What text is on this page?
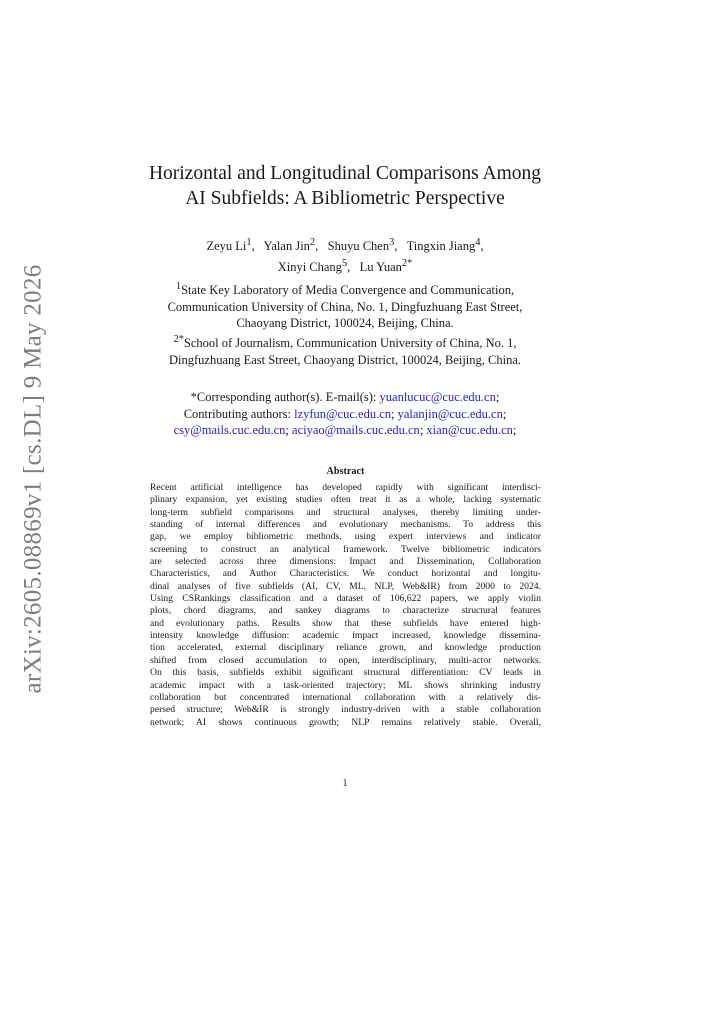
arXiv:2605.08869v1 [cs.DL] 9 May 2026
Horizontal and Longitudinal Comparisons Among
AI Subfields: A Bibliometric Perspective
Zeyu Li$^1$,   Yalan Jin$^2$,   Shuyu Chen$^3$,   Tingxin Jiang$^4$,
Xinyi Chang$^5$,   Lu Yuan$^{2*}$
$^1$State Key Laboratory of Media Convergence and Communication,
Communication University of China, No. 1, Dingfuzhuang East Street,
Chaoyang District, 100024, Beijing, China.
$^{2*}$School of Journalism, Communication University of China, No. 1,
Dingfuzhuang East Street, Chaoyang District, 100024, Beijing, China.
*Corresponding author(s). E-mail(s): yuanlucuc@cuc.edu.cn;
Contributing authors: lzyfun@cuc.edu.cn; yalanjin@cuc.edu.cn;
csy@mails.cuc.edu.cn; aciyao@mails.cuc.edu.cn; xian@cuc.edu.cn;
Abstract
Recent artificial intelligence has developed rapidly with significant interdisci-
plinary expansion, yet existing studies often treat it as a whole, lacking systematic
long-term subfield comparisons and structural analyses, thereby limiting under-
standing of internal differences and evolutionary mechanisms. To address this
gap, we employ bibliometric methods, using expert interviews and indicator
screening to construct an analytical framework. Twelve bibliometric indicators
are selected across three dimensions: Impact and Dissemination, Collaboration
Characteristics, and Author Characteristics. We conduct horizontal and longitu-
dinal analyses of five subfields (AI, CV, ML, NLP, Web&IR) from 2000 to 2024.
Using CSRankings classification and a dataset of 106,622 papers, we apply violin
plots, chord diagrams, and sankey diagrams to characterize structural features
and evolutionary paths. Results show that these subfields have entered high-
intensity knowledge diffusion: academic impact increased, knowledge dissemina-
tion accelerated, external disciplinary reliance grown, and knowledge production
shifted from closed accumulation to open, interdisciplinary, multi-actor networks.
On this basis, subfields exhibit significant structural differentiation: CV leads in
academic impact with a task-oriented trajectory; ML shows shrinking industry
collaboration but concentrated international collaboration with a relatively dis-
persed structure; Web&IR is strongly industry-driven with a stable collaboration
network; AI shows continuous growth; NLP remains relatively stable. Overall,
1
